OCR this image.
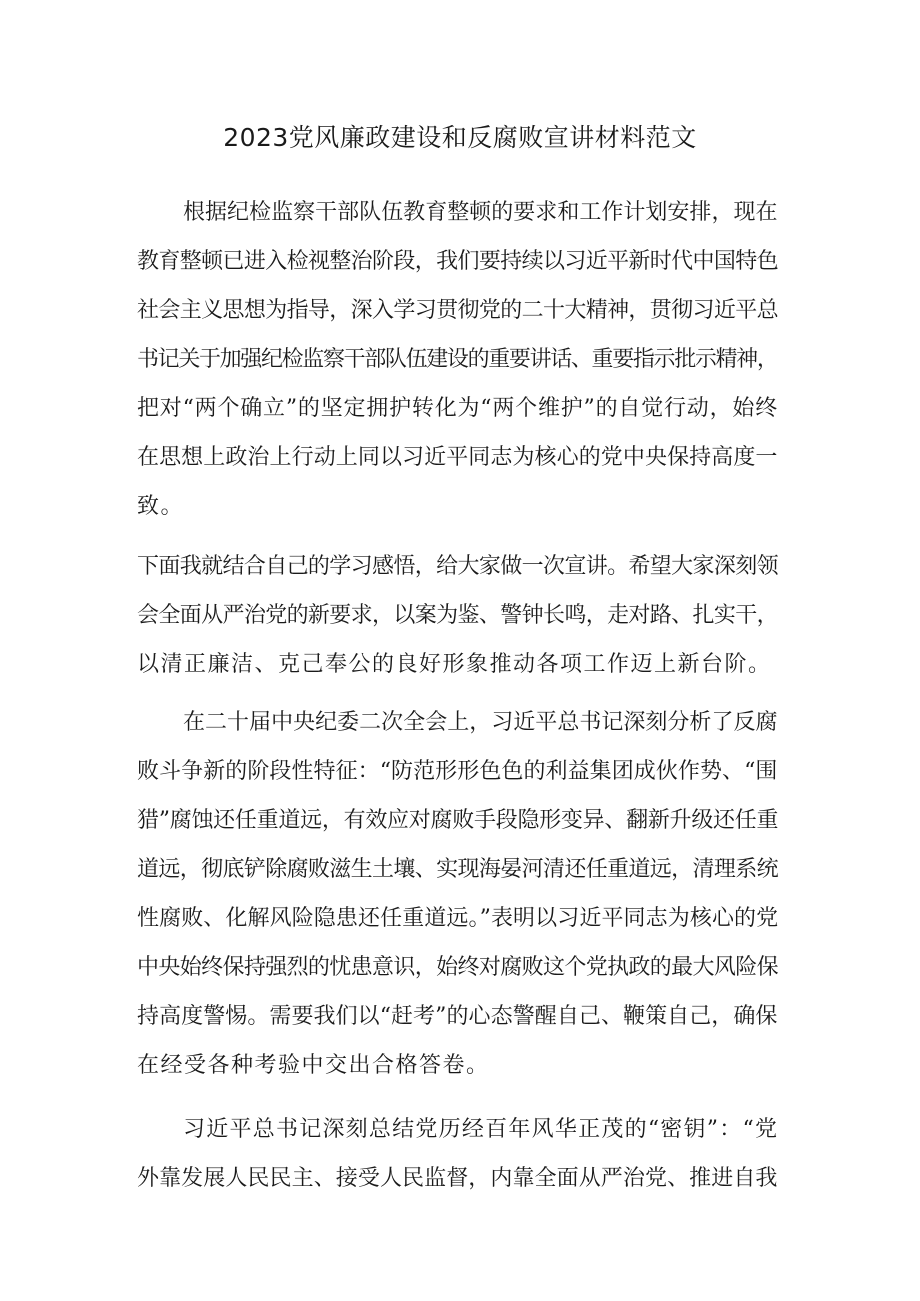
2023党风廉政建设和反腐败宣讲材料范文

根据纪检监察干部队伍教育整顿的要求和工作计划安排，现在

教育整顿已进入检视整治阶段，我们要持续以习近平新时代中国特色

社会主义思想为指导，深入学习贯彻党的二十大精神，贯彻习近平总

书记关于加强纪检监察干部队伍建设的重要讲话、重要指示批示精神，

把对“两个确立”的坚定拥护转化为“两个维护”的自觉行动，始终

在思想上政治上行动上同以习近平同志为核心的党中央保持高度一

致。

下面我就结合自己的学习感悟，给大家做一次宣讲。希望大家深刻领

会全面从严治党的新要求，以案为鉴、警钟长鸣，走对路、扎实干，

以清正廉洁、克己奉公的良好形象推动各项工作迈上新台阶。

在二十届中央纪委二次全会上，习近平总书记深刻分析了反腐

败斗争新的阶段性特征：“防范形形色色的利益集团成伙作势、“围

猎”腐蚀还任重道远，有效应对腐败手段隐形变异、翻新升级还任重

道远，彻底铲除腐败滋生土壤、实现海晏河清还任重道远，清理系统

性腐败、化解风险隐患还任重道远。”表明以习近平同志为核心的党

中央始终保持强烈的忧患意识，始终对腐败这个党执政的最大风险保

持高度警惕。需要我们以“赶考”的心态警醒自己、鞭策自己，确保

在经受各种考验中交出合格答卷。

习近平总书记深刻总结党历经百年风华正茂的“密钥”：“党

外靠发展人民民主、接受人民监督，内靠全面从严治党、推进自我
